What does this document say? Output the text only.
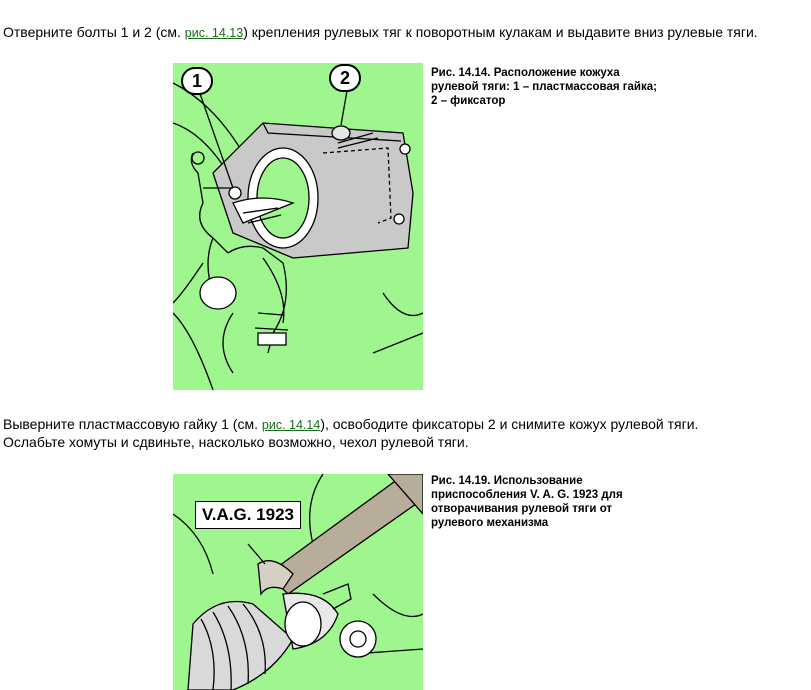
Отверните болты 1 и 2 (см. рис. 14.13) крепления рулевых тяг к поворотным кулакам и выдавите вниз рулевые тяги.

1	2	Рис. 14.14. Расположение кожуха
рулевой тяги: 1 – пластмассовая гайка;
2 – фиксатор

Выверните пластмассовую гайку 1 (см. рис. 14.14), освободите фиксаторы 2 и снимите кожух рулевой тяги.

Ослабьте хомуты и сдвиньте, насколько возможно, чехол рулевой тяги.

V.A.G. 1923

Рис. 14.19. Использование
приспособления V. A. G. 1923 для
отворачивания рулевой тяги от
рулевого механизма
